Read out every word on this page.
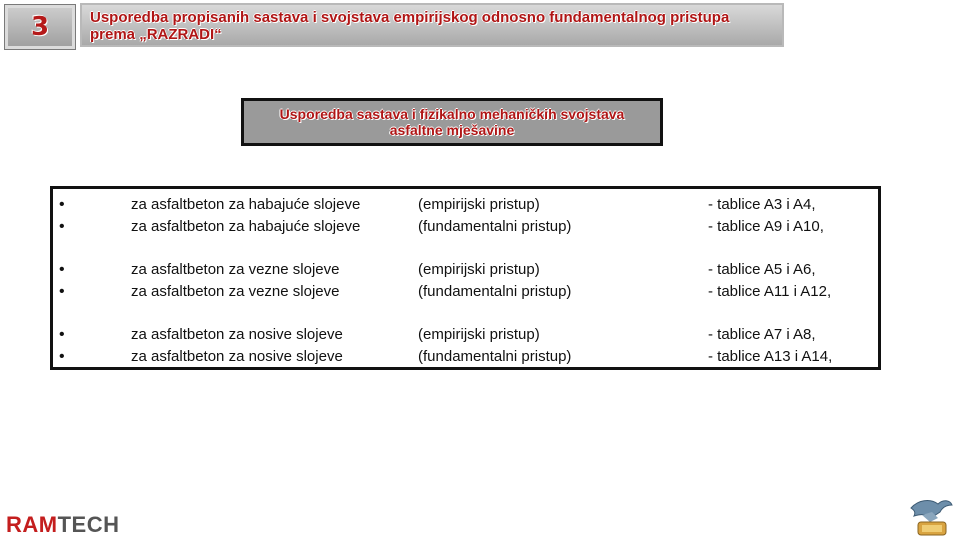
3	Usporedba propisanih sastava i svojstava empirijskog odnosno fundamentalnog pristupa
prema „RAZRADI“
Usporedba sastava i fizikalno mehaničkih svojstava
asfaltne mješavine
•	za asfaltbeton za habajuće slojeve	(empirijski pristup)	- tablice A3 i A4,
•	za asfaltbeton za habajuće slojeve	(fundamentalni pristup)	- tablice A9 i A10,
•	za asfaltbeton za vezne slojeve	(empirijski pristup)	- tablice A5 i A6,
•	za asfaltbeton za vezne slojeve	(fundamentalni pristup)	- tablice A11 i A12,
•	za asfaltbeton za nosive slojeve	(empirijski pristup)	- tablice A7 i A8,
•	za asfaltbeton za nosive slojeve	(fundamentalni pristup)	- tablice A13 i A14,
RAMTECH
